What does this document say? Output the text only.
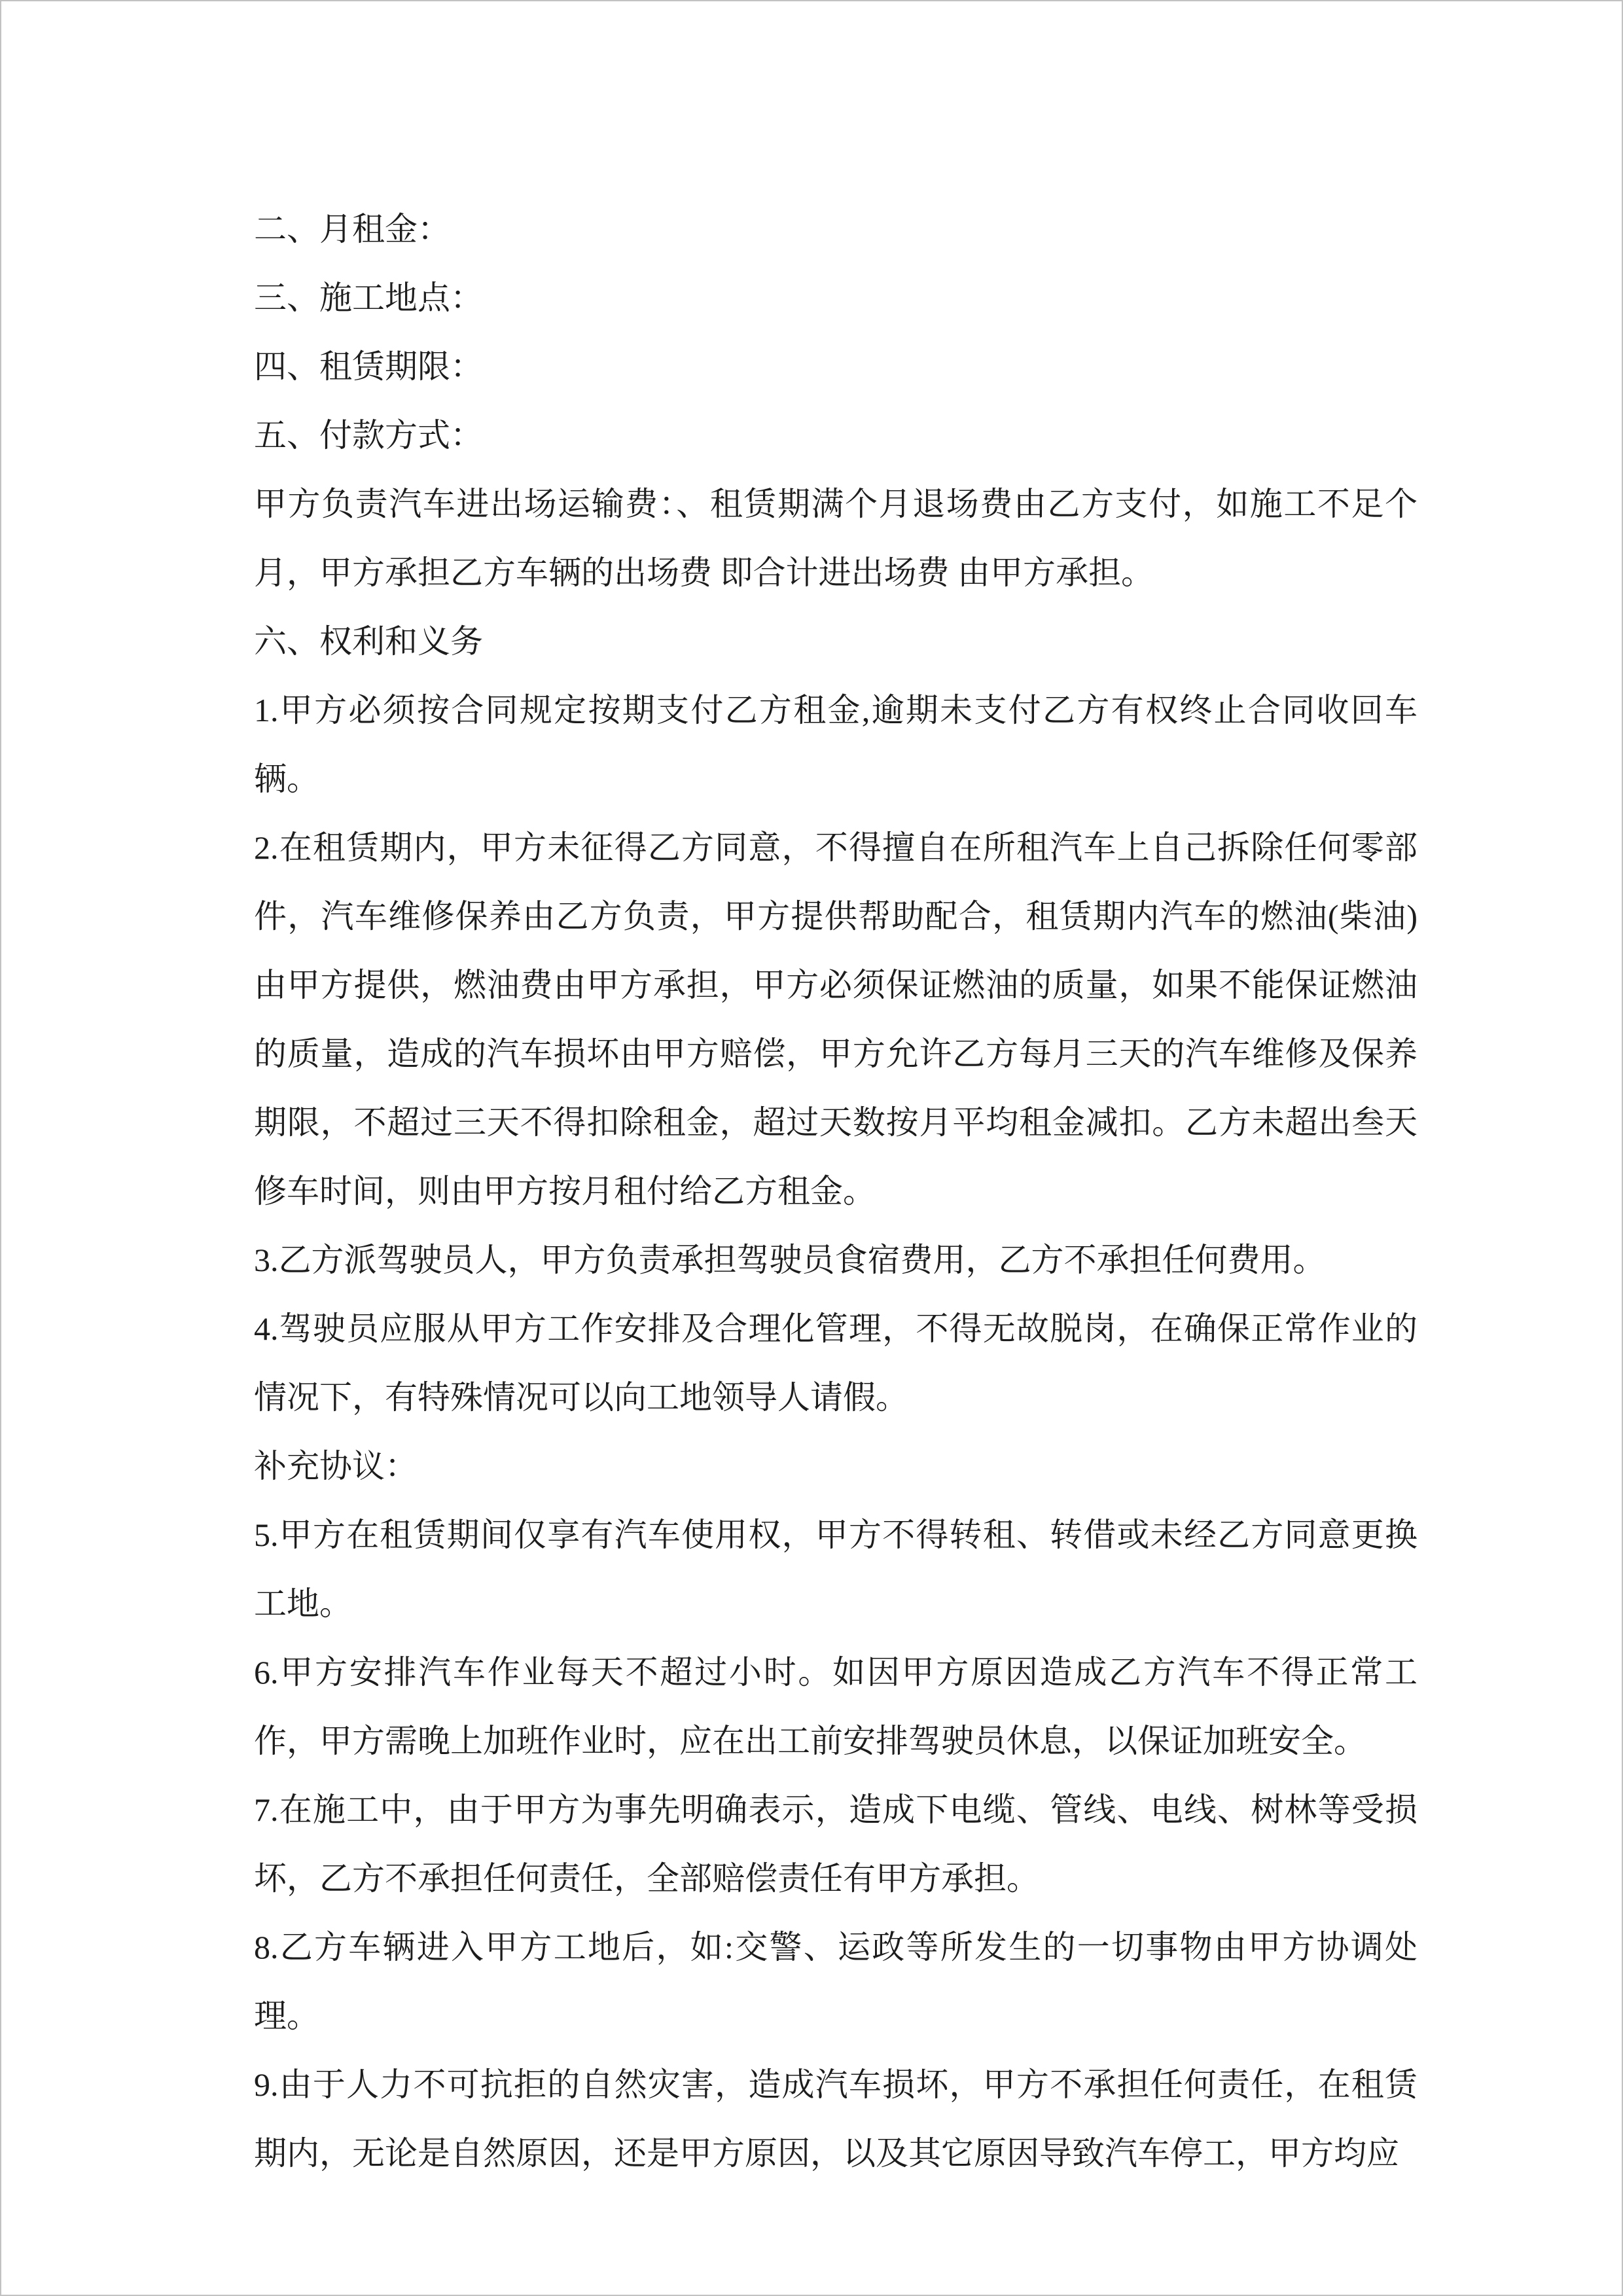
二、月租金：

三、施工地点：

四、租赁期限：

五、付款方式：

甲方负责汽车进出场运输费：、租赁期满个月退场费由乙方支付，如施工不足个月，甲方承担乙方车辆的出场费 即合计进出场费 由甲方承担。

六、权利和义务

1.甲方必须按合同规定按期支付乙方租金,逾期未支付乙方有权终止合同收回车辆。

2.在租赁期内，甲方未征得乙方同意，不得擅自在所租汽车上自己拆除任何零部件，汽车维修保养由乙方负责，甲方提供帮助配合，租赁期内汽车的燃油(柴油)由甲方提供，燃油费由甲方承担，甲方必须保证燃油的质量，如果不能保证燃油的质量，造成的汽车损坏由甲方赔偿，甲方允许乙方每月三天的汽车维修及保养期限，不超过三天不得扣除租金，超过天数按月平均租金减扣。乙方未超出叁天修车时间，则由甲方按月租付给乙方租金。

3.乙方派驾驶员人，甲方负责承担驾驶员食宿费用，乙方不承担任何费用。

4.驾驶员应服从甲方工作安排及合理化管理，不得无故脱岗，在确保正常作业的情况下，有特殊情况可以向工地领导人请假。

补充协议：

5.甲方在租赁期间仅享有汽车使用权，甲方不得转租、转借或未经乙方同意更换工地。

6.甲方安排汽车作业每天不超过小时。如因甲方原因造成乙方汽车不得正常工作，甲方需晚上加班作业时，应在出工前安排驾驶员休息，以保证加班安全。

7.在施工中，由于甲方为事先明确表示，造成下电缆、管线、电线、树林等受损坏，乙方不承担任何责任，全部赔偿责任有甲方承担。

8.乙方车辆进入甲方工地后，如:交警、运政等所发生的一切事物由甲方协调处理。

9.由于人力不可抗拒的自然灾害，造成汽车损坏，甲方不承担任何责任，在租赁期内，无论是自然原因，还是甲方原因，以及其它原因导致汽车停工，甲方均应
